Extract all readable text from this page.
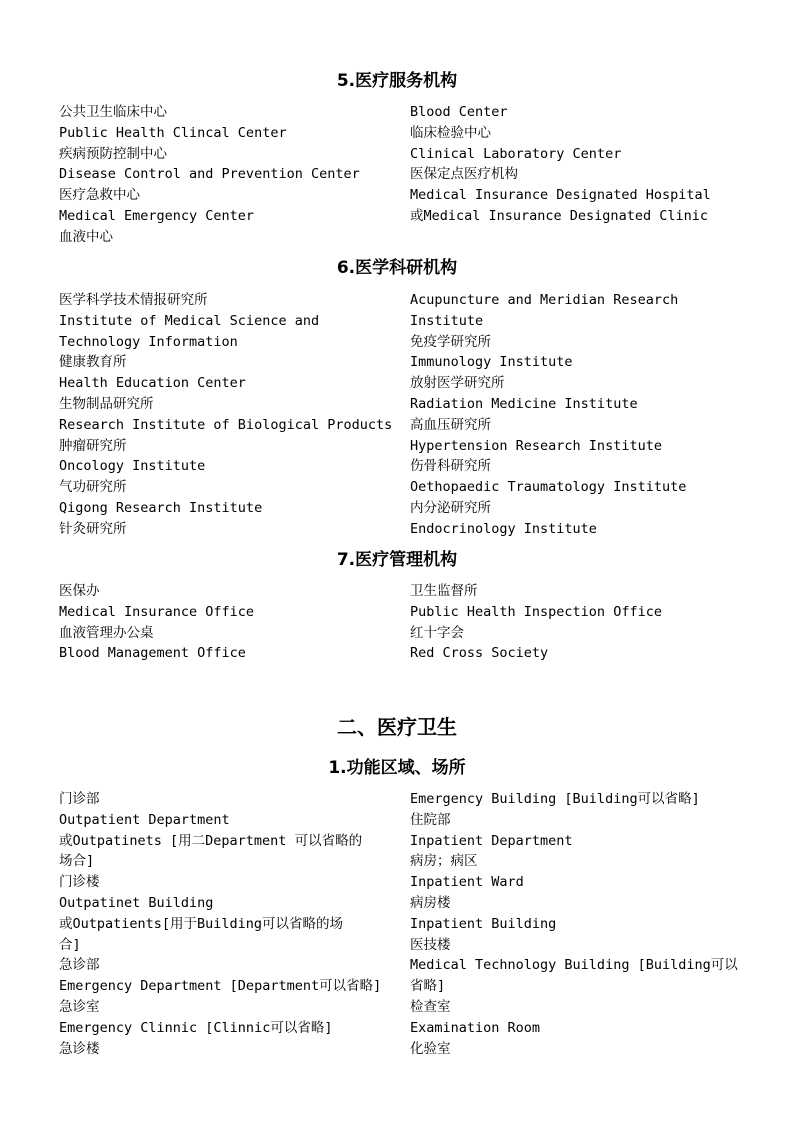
5.医疗服务机构
公共卫生临床中心
Public Health Clincal Center
疾病预防控制中心
Disease Control and Prevention Center
医疗急救中心
Medical Emergency Center
血液中心
Blood Center
临床检验中心
Clinical Laboratory Center
医保定点医疗机构
Medical Insurance Designated Hospital
或Medical Insurance Designated Clinic
6.医学科研机构
医学科学技术情报研究所
Institute of Medical Science and
Technology Information
健康教育所
Health Education Center
生物制品研究所
Research Institute of Biological Products
肿瘤研究所
Oncology Institute
气功研究所
Qigong Research Institute
针灸研究所
Acupuncture and Meridian Research
Institute
免疫学研究所
Immunology Institute
放射医学研究所
Radiation Medicine Institute
高血压研究所
Hypertension Research Institute
伤骨科研究所
Oethopaedic Traumatology Institute
内分泌研究所
Endocrinology Institute
7.医疗管理机构
医保办
Medical Insurance Office
血液管理办公桌
Blood Management Office
卫生监督所
Public Health Inspection Office
红十字会
Red Cross Society
二、医疗卫生
1.功能区域、场所
门诊部
Outpatient Department
或Outpatinets [用二Department 可以省略的
场合]
门诊楼
Outpatinet Building
或Outpatients[用于Building可以省略的场
合]
急诊部
Emergency Department [Department可以省略]
急诊室
Emergency Clinnic [Clinnic可以省略]
急诊楼
Emergency Building [Building可以省略]
住院部
Inpatient Department
病房；病区
Inpatient Ward
病房楼
Inpatient Building
医技楼
Medical Technology Building [Building可以
省略]
检查室
Examination Room
化验室
